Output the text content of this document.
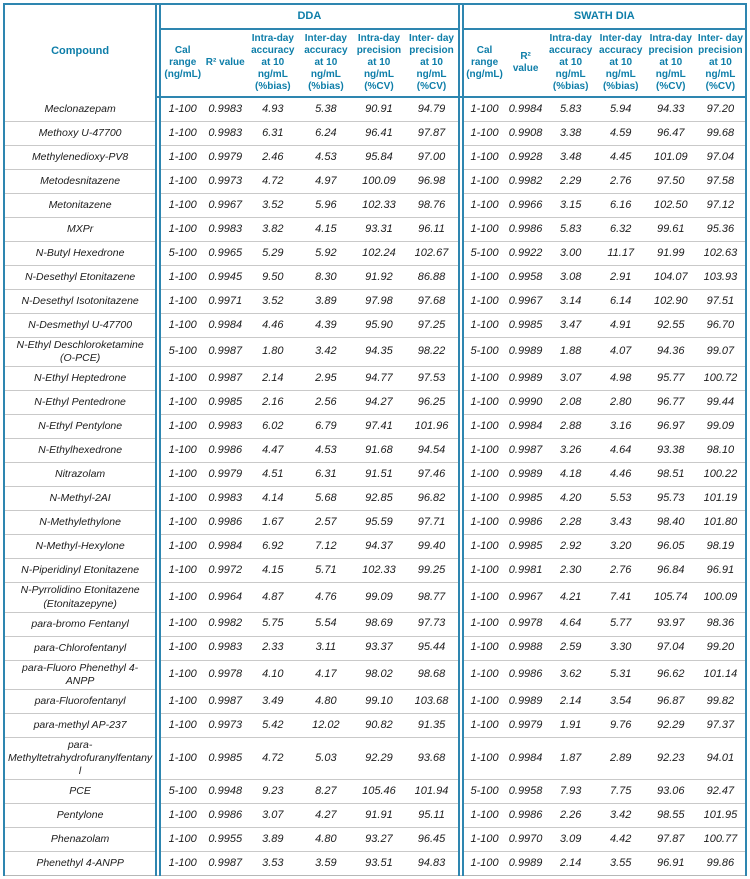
Compound		DDA							SWATH DIA					
		Cal range (ng/mL)	R² value	Intra-day accuracy at 10 ng/mL (%bias)	Inter-day accuracy at 10 ng/mL (%bias)	Intra-day precision at 10 ng/mL (%CV)	Inter- day precision at 10 ng/mL (%CV)		Cal range (ng/mL)	R² value	Intra-day accuracy at 10 ng/mL (%bias)	Inter-day accuracy at 10 ng/mL (%bias)	Intra-day precision at 10 ng/mL (%CV)	Inter- day precision at 10 ng/mL (%CV)
Meclonazepam		1-100	0.9983	4.93	5.38	90.91	94.79		1-100	0.9984	5.83	5.94	94.33	97.20
Methoxy U-47700		1-100	0.9983	6.31	6.24	96.41	97.87		1-100	0.9908	3.38	4.59	96.47	99.68
Methylenedioxy-PV8		1-100	0.9979	2.46	4.53	95.84	97.00		1-100	0.9928	3.48	4.45	101.09	97.04
Metodesnitazene		1-100	0.9973	4.72	4.97	100.09	96.98		1-100	0.9982	2.29	2.76	97.50	97.58
Metonitazene		1-100	0.9967	3.52	5.96	102.33	98.76		1-100	0.9966	3.15	6.16	102.50	97.12
MXPr		1-100	0.9983	3.82	4.15	93.31	96.11		1-100	0.9986	5.83	6.32	99.61	95.36
N-Butyl Hexedrone		5-100	0.9965	5.29	5.92	102.24	102.67		5-100	0.9922	3.00	11.17	91.99	102.63
N-Desethyl Etonitazene		1-100	0.9945	9.50	8.30	91.92	86.88		1-100	0.9958	3.08	2.91	104.07	103.93
N-Desethyl Isotonitazene		1-100	0.9971	3.52	3.89	97.98	97.68		1-100	0.9967	3.14	6.14	102.90	97.51
N-Desmethyl U-47700		1-100	0.9984	4.46	4.39	95.90	97.25		1-100	0.9985	3.47	4.91	92.55	96.70
N-Ethyl Deschloroketamine (O-PCE)		5-100	0.9987	1.80	3.42	94.35	98.22		5-100	0.9989	1.88	4.07	94.36	99.07
N-Ethyl Heptedrone		1-100	0.9987	2.14	2.95	94.77	97.53		1-100	0.9989	3.07	4.98	95.77	100.72
N-Ethyl Pentedrone		1-100	0.9985	2.16	2.56	94.27	96.25		1-100	0.9990	2.08	2.80	96.77	99.44
N-Ethyl Pentylone		1-100	0.9983	6.02	6.79	97.41	101.96		1-100	0.9984	2.88	3.16	96.97	99.09
N-Ethylhexedrone		1-100	0.9986	4.47	4.53	91.68	94.54		1-100	0.9987	3.26	4.64	93.38	98.10
Nitrazolam		1-100	0.9979	4.51	6.31	91.51	97.46		1-100	0.9989	4.18	4.46	98.51	100.22
N-Methyl-2AI		1-100	0.9983	4.14	5.68	92.85	96.82		1-100	0.9985	4.20	5.53	95.73	101.19
N-Methylethylone		1-100	0.9986	1.67	2.57	95.59	97.71		1-100	0.9986	2.28	3.43	98.40	101.80
N-Methyl-Hexylone		1-100	0.9984	6.92	7.12	94.37	99.40		1-100	0.9985	2.92	3.20	96.05	98.19
N-Piperidinyl Etonitazene		1-100	0.9972	4.15	5.71	102.33	99.25		1-100	0.9981	2.30	2.76	96.84	96.91
N-Pyrrolidino Etonitazene (Etonitazepyne)		1-100	0.9964	4.87	4.76	99.09	98.77		1-100	0.9967	4.21	7.41	105.74	100.09
para-bromo Fentanyl		1-100	0.9982	5.75	5.54	98.69	97.73		1-100	0.9978	4.64	5.77	93.97	98.36
para-Chlorofentanyl		1-100	0.9983	2.33	3.11	93.37	95.44		1-100	0.9988	2.59	3.30	97.04	99.20
para-Fluoro Phenethyl 4-ANPP		1-100	0.9978	4.10	4.17	98.02	98.68		1-100	0.9986	3.62	5.31	96.62	101.14
para-Fluorofentanyl		1-100	0.9987	3.49	4.80	99.10	103.68		1-100	0.9989	2.14	3.54	96.87	99.82
para-methyl AP-237		1-100	0.9973	5.42	12.02	90.82	91.35		1-100	0.9979	1.91	9.76	92.29	97.37
para-Methyltetrahydrofuranylfentanyl		1-100	0.9985	4.72	5.03	92.29	93.68		1-100	0.9984	1.87	2.89	92.23	94.01
PCE		5-100	0.9948	9.23	8.27	105.46	101.94		5-100	0.9958	7.93	7.75	93.06	92.47
Pentylone		1-100	0.9986	3.07	4.27	91.91	95.11		1-100	0.9986	2.26	3.42	98.55	101.95
Phenazolam		1-100	0.9955	3.89	4.80	93.27	96.45		1-100	0.9970	3.09	4.42	97.87	100.77
Phenethyl 4-ANPP		1-100	0.9987	3.53	3.59	93.51	94.83		1-100	0.9989	2.14	3.55	96.91	99.86
